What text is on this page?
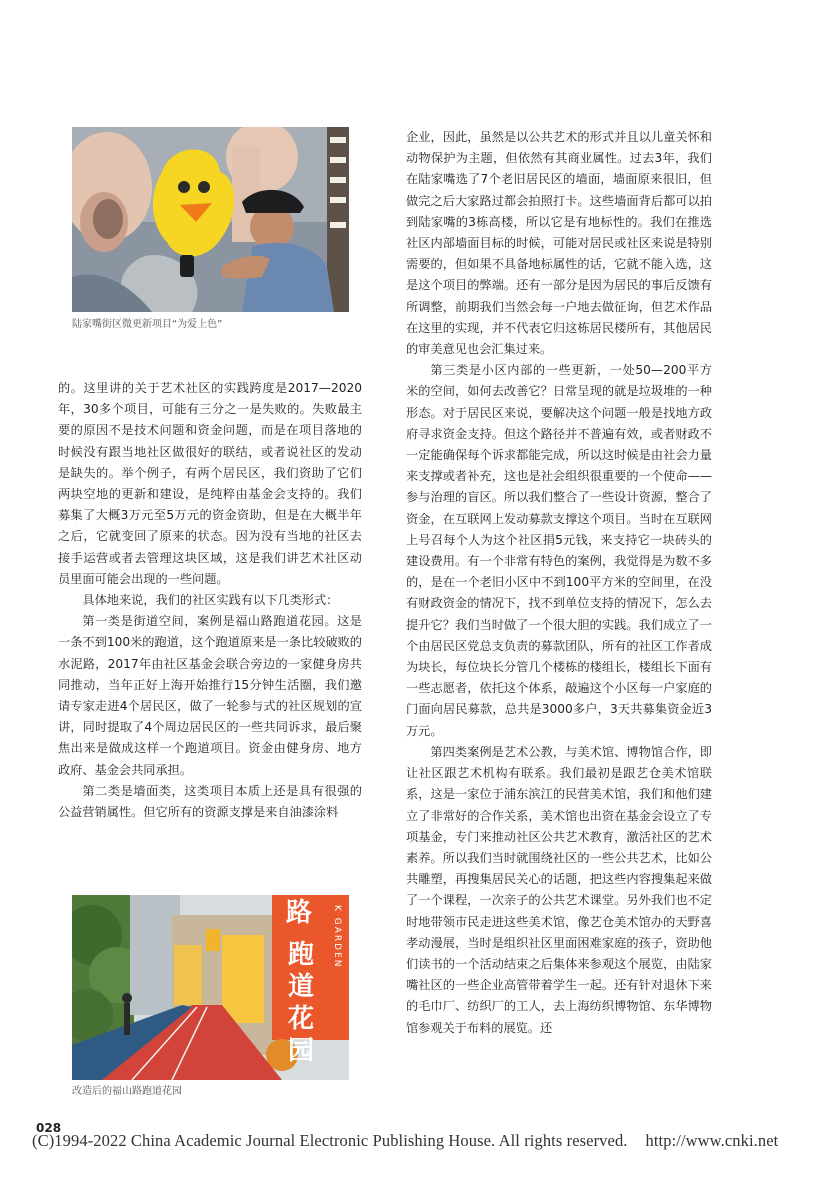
陆家嘴街区微更新项目“为爱上色”

的。这里讲的关于艺术社区的实践跨度是2017—2020年，30多个项目，可能有三分之一是失败的。失败最主要的原因不是技术问题和资金问题，而是在项目落地的时候没有跟当地社区做很好的联结，或者说社区的发动是缺失的。举个例子，有两个居民区，我们资助了它们两块空地的更新和建设，是纯粹由基金会支持的。我们募集了大概3万元至5万元的资金资助，但是在大概半年之后，它就变回了原来的状态。因为没有当地的社区去接手运营或者去管理这块区域，这是我们讲艺术社区动员里面可能会出现的一些问题。

具体地来说，我们的社区实践有以下几类形式：

第一类是街道空间，案例是福山路跑道花园。这是一条不到100米的跑道，这个跑道原来是一条比较破败的水泥路，2017年由社区基金会联合旁边的一家健身房共同推动，当年正好上海开始推行15分钟生活圈，我们邀请专家走进4个居民区，做了一轮参与式的社区规划的宣讲，同时提取了4个周边居民区的一些共同诉求，最后聚焦出来是做成这样一个跑道项目。资金由健身房、地方政府、基金会共同承担。

第二类是墙面类，这类项目本质上还是具有很强的公益营销属性。但它所有的资源支撑是来自油漆涂料

路
跑
道
花
园
K GARDEN
改造后的福山路跑道花园

企业，因此，虽然是以公共艺术的形式并且以儿童关怀和动物保护为主题，但依然有其商业属性。过去3年，我们在陆家嘴选了7个老旧居民区的墙面，墙面原来很旧，但做完之后大家路过都会拍照打卡。这些墙面背后都可以拍到陆家嘴的3栋高楼，所以它是有地标性的。我们在推选社区内部墙面目标的时候，可能对居民或社区来说是特别需要的，但如果不具备地标属性的话，它就不能入选，这是这个项目的弊端。还有一部分是因为居民的事后反馈有所调整，前期我们当然会每一户地去做征询，但艺术作品在这里的实现，并不代表它归这栋居民楼所有，其他居民的审美意见也会汇集过来。

第三类是小区内部的一些更新，一处50—200平方米的空间，如何去改善它？日常呈现的就是垃圾堆的一种形态。对于居民区来说，要解决这个问题一般是找地方政府寻求资金支持。但这个路径并不普遍有效，或者财政不一定能确保每个诉求都能完成，所以这时候是由社会力量来支撑或者补充，这也是社会组织很重要的一个使命——参与治理的盲区。所以我们整合了一些设计资源，整合了资金，在互联网上发动募款支撑这个项目。当时在互联网上号召每个人为这个社区捐5元钱，来支持它一块砖头的建设费用。有一个非常有特色的案例，我觉得是为数不多的，是在一个老旧小区中不到100平方米的空间里，在没有财政资金的情况下，找不到单位支持的情况下，怎么去提升它？我们当时做了一个很大胆的实践。我们成立了一个由居民区党总支负责的募款团队，所有的社区工作者成为块长，每位块长分管几个楼栋的楼组长，楼组长下面有一些志愿者，依托这个体系，敲遍这个小区每一户家庭的门面向居民募款，总共是3000多户，3天共募集资金近3万元。

第四类案例是艺术公教，与美术馆、博物馆合作，即让社区跟艺术机构有联系。我们最初是跟艺仓美术馆联系，这是一家位于浦东滨江的民营美术馆，我们和他们建立了非常好的合作关系，美术馆也出资在基金会设立了专项基金，专门来推动社区公共艺术教育，激活社区的艺术素养。所以我们当时就围绕社区的一些公共艺术，比如公共雕塑，再搜集居民关心的话题，把这些内容搜集起来做了一个课程，一次亲子的公共艺术课堂。另外我们也不定时地带领市民走进这些美术馆，像艺仓美术馆办的天野喜孝动漫展，当时是组织社区里面困难家庭的孩子，资助他们读书的一个活动结束之后集体来参观这个展览，由陆家嘴社区的一些企业高管带着学生一起。还有针对退休下来的毛巾厂、纺织厂的工人，去上海纺织博物馆、东华博物馆参观关于布料的展览。还

028
(C)1994-2022 China Academic Journal Electronic Publishing House. All rights reserved. http://www.cnki.net
